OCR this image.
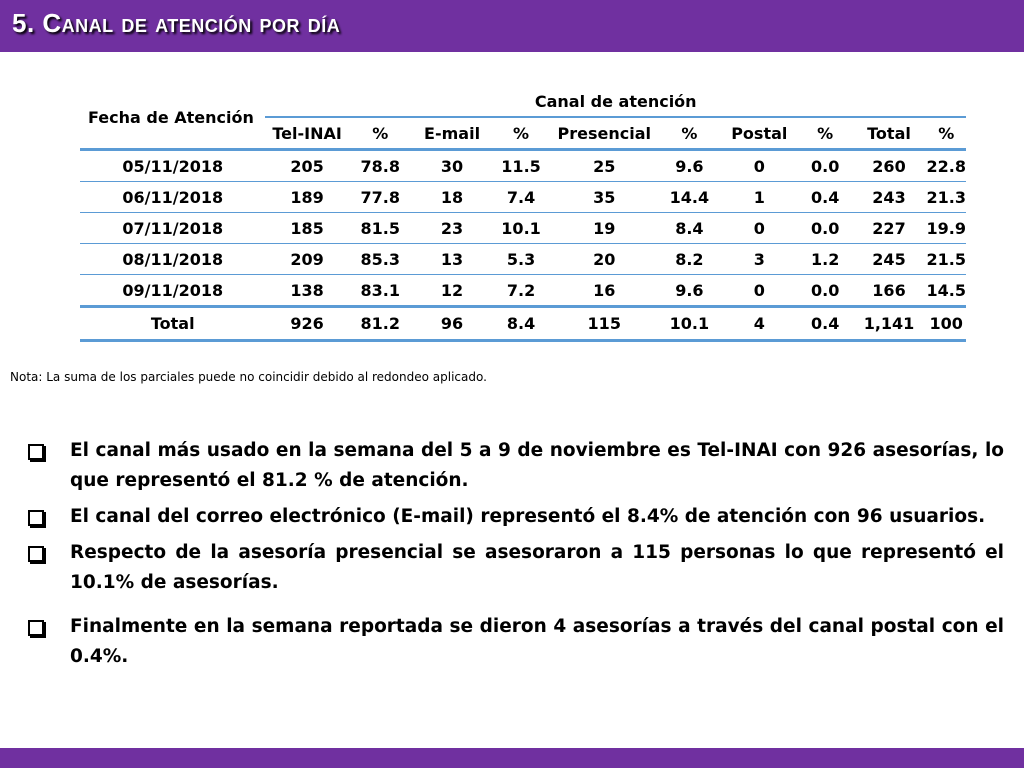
5. Canal de atención por día
Fecha de Atención	Canal de atención									
	Tel-INAI	%	E-mail	%	Presencial	%	Postal	%	Total	%
05/11/2018	205	78.8	30	11.5	25	9.6	0	0.0	260	22.8
06/11/2018	189	77.8	18	7.4	35	14.4	1	0.4	243	21.3
07/11/2018	185	81.5	23	10.1	19	8.4	0	0.0	227	19.9
08/11/2018	209	85.3	13	5.3	20	8.2	3	1.2	245	21.5
09/11/2018	138	83.1	12	7.2	16	9.6	0	0.0	166	14.5
Total	926	81.2	96	8.4	115	10.1	4	0.4	1,141	100
Nota: La suma de los parciales puede no coincidir debido al redondeo aplicado.
El canal más usado en la semana del 5 a 9 de noviembre es Tel-INAI con 926 asesorías, lo que representó el 81.2 % de atención.
El canal del correo electrónico (E-mail) representó el 8.4% de atención con 96 usuarios.
Respecto de la asesoría presencial se asesoraron a 115 personas lo que representó el 10.1% de asesorías.
Finalmente en la semana reportada se dieron 4 asesorías a través del canal postal con el 0.4%.
